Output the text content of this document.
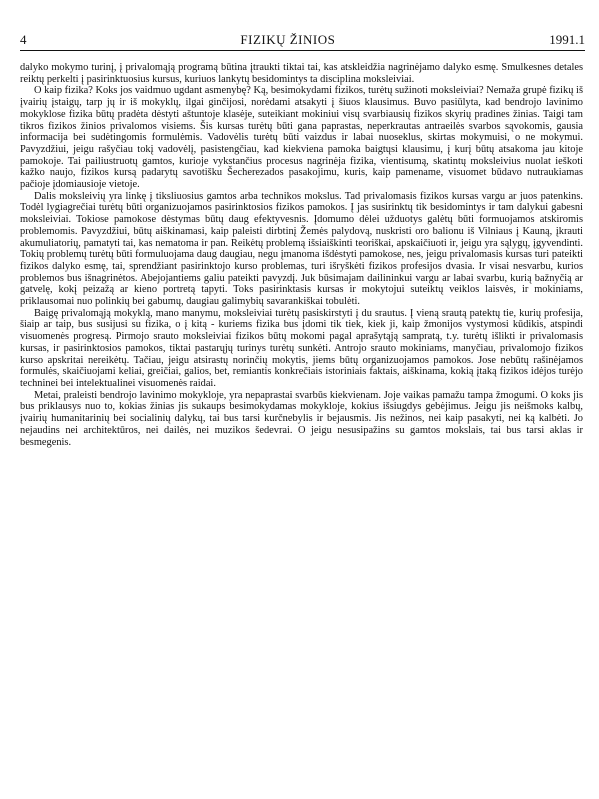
4	FIZIKŲ ŽINIOS	1991.1

dalyko mokymo turinį, į privalomąją programą būtina įtraukti tiktai tai, kas atskleidžia nagrinėjamo dalyko esmę. Smulkesnes detales reiktų perkelti į pasirinktuosius kursus, kuriuos lankytų besidomintys ta disciplina moksleiviai.

O kaip fizika? Koks jos vaidmuo ugdant asmenybę? Ką, besimokydami fizikos, turėtų sužinoti moksleiviai? Nemaža grupė fizikų iš įvairių įstaigų, tarp jų ir iš mokyklų, ilgai ginčijosi, norėdami atsakyti į šiuos klausimus. Buvo pasiūlyta, kad bendrojo lavinimo mokyklose fizika būtų pradėta dėstyti aštuntoje klasėje, suteikiant mokiniui visų svarbiausių fizikos skyrių pradines žinias. Taigi tam tikros fizikos žinios privalomos visiems. Šis kursas turėtų būti gana paprastas, neperkrautas antraeilės svarbos sąvokomis, gausia informacija bei sudėtingomis formulėmis. Vadovėlis turėtų būti vaizdus ir labai nuoseklus, skirtas mokymuisi, o ne mokymui. Pavyzdžiui, jeigu rašyčiau tokį vadovėlį, pasistengčiau, kad kiekviena pamoka baigtųsi klausimu, į kurį būtų atsakoma jau kitoje pamokoje. Tai pailiustruotų gamtos, kurioje vykstančius procesus nagrinėja fizika, vientisumą, skatintų moksleivius nuolat ieškoti kažko naujo, fizikos kursą padarytų savotišku Šecherezados pasakojimu, kuris, kaip pamename, visuomet būdavo nutraukiamas pačioje įdomiausioje vietoje.

Dalis moksleivių yra linkę į tiksliuosius gamtos arba technikos mokslus. Tad privalomasis fizikos kursas vargu ar juos patenkins. Todėl lygiagrečiai turėtų būti organizuojamos pasirinktosios fizikos pamokos. Į jas susirinktų tik besidomintys ir tam dalykui gabesni moksleiviai. Tokiose pamokose dėstymas būtų daug efektyvesnis. Įdomumo dėlei užduotys galėtų būti formuojamos atskiromis problemomis. Pavyzdžiui, būtų aiškinamasi, kaip paleisti dirbtinį Žemės palydovą, nuskristi oro balionu iš Vilniaus į Kauną, įkrauti akumuliatorių, pamatyti tai, kas nematoma ir pan. Reikėtų problemą išsiaiškinti teoriškai, apskaičiuoti ir, jeigu yra sąlygų, įgyvendinti. Tokių problemų turėtų būti formuluojama daug daugiau, negu įmanoma išdėstyti pamokose, nes, jeigu privalomasis kursas turi pateikti fizikos dalyko esmę, tai, sprendžiant pasirinktojo kurso problemas, turi išryškėti fizikos profesijos dvasia. Ir visai nesvarbu, kurios problemos bus išnagrinėtos. Abejojantiems galiu pateikti pavyzdį. Juk būsimajam dailininkui vargu ar labai svarbu, kurią bažnyčią ar gatvelę, kokį peizažą ar kieno portretą tapyti. Toks pasirinktasis kursas ir mokytojui suteiktų veiklos laisvės, ir mokiniams, priklausomai nuo polinkių bei gabumų, daugiau galimybių savarankiškai tobulėti.

Baigę privalomąją mokyklą, mano manymu, moksleiviai turėtų pasiskirstyti į du srautus. Į vieną srautą patektų tie, kurių profesija, šiaip ar taip, bus susijusi su fizika, o į kitą - kuriems fizika bus įdomi tik tiek, kiek ji, kaip žmonijos vystymosi kūdikis, atspindi visuomenės progresą. Pirmojo srauto moksleiviai fizikos būtų mokomi pagal aprašytąją sampratą, t.y. turėtų išlikti ir privalomasis kursas, ir pasirinktosios pamokos, tiktai pastarųjų turinys turėtų sunkėti. Antrojo srauto mokiniams, manyčiau, privalomojo fizikos kurso apskritai nereikėtų. Tačiau, jeigu atsirastų norinčių mokytis, jiems būtų organizuojamos pamokos. Jose nebūtų rašinėjamos formulės, skaičiuojami keliai, greičiai, galios, bet, remiantis konkrečiais istoriniais faktais, aiškinama, kokią įtaką fizikos idėjos turėjo techninei bei intelektualinei visuomenės raidai.

Metai, praleisti bendrojo lavinimo mokykloje, yra nepaprastai svarbūs kiekvienam. Joje vaikas pamažu tampa žmogumi. O koks jis bus priklausys nuo to, kokias žinias jis sukaups besimokydamas mokykloje, kokius išsiugdys gebėjimus. Jeigu jis neišmoks kalbų, įvairių humanitarinių bei socialinių dalykų, tai bus tarsi kurčnebylis ir bejausmis. Jis nežinos, nei kaip pasakyti, nei ką kalbėti. Jo nejaudins nei architektūros, nei dailės, nei muzikos šedevrai. O jeigu nesusipažins su gamtos mokslais, tai bus tarsi aklas ir besmegenis.
